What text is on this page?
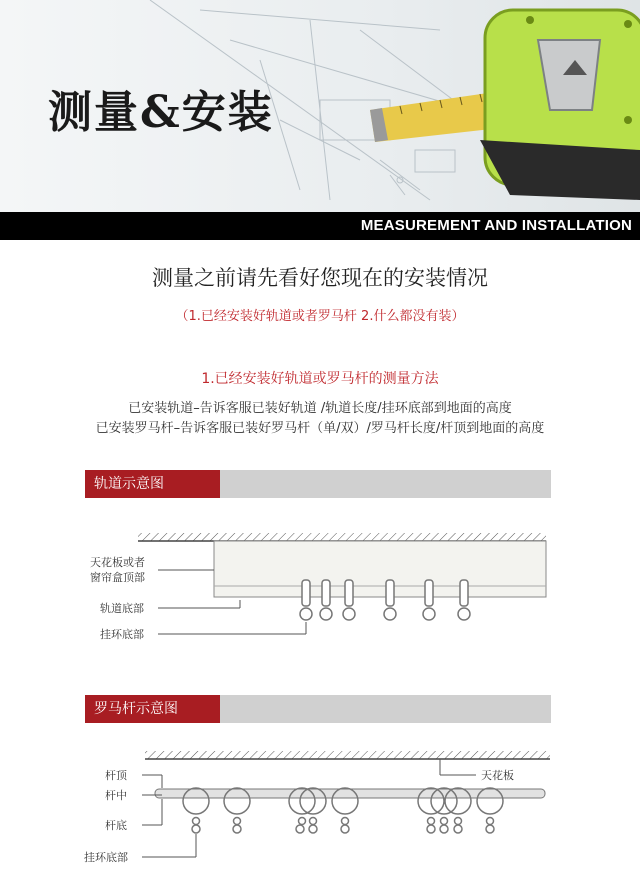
测量&安装
MEASUREMENT AND INSTALLATION
测量之前请先看好您现在的安装情况
（1.已经安装好轨道或者罗马杆 2.什么都没有装）
1.已经安装好轨道或罗马杆的测量方法
已安装轨道–告诉客服已装好轨道 /轨道长度/挂环底部到地面的高度
已安装罗马杆–告诉客服已装好罗马杆（单/双）/罗马杆长度/杆顶到地面的高度
轨道示意图
天花板或者
窗帘盒顶部
轨道底部
挂环底部
罗马杆示意图
天花板
杆顶
杆中
杆底
挂环底部
